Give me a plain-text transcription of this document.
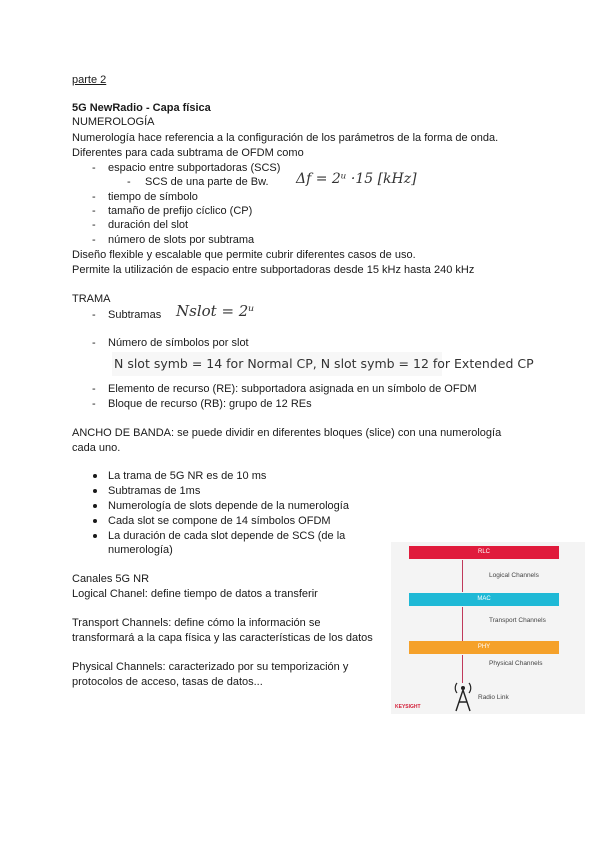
parte 2
5G NewRadio - Capa física
NUMEROLOGÍA
Numerología hace referencia a la configuración de los parámetros de la forma de onda.
Diferentes para cada subtrama de OFDM como
- espacio entre subportadoras (SCS)
- SCS de una parte de Bw. Δf = 2ᵘ ·15 [kHz]
- tiempo de símbolo
- tamaño de prefijo cíclico (CP)
- duración del slot
- número de slots por subtrama
Diseño flexible y escalable que permite cubrir diferentes casos de uso.
Permite la utilización de espacio entre subportadoras desde 15 kHz hasta 240 kHz
TRAMA
- Subtramas Nslot = 2ᵘ
- Número de símbolos por slot
N slot symb = 14 for Normal CP, N slot symb = 12 for Extended CP
- Elemento de recurso (RE): subportadora asignada en un símbolo de OFDM
- Bloque de recurso (RB): grupo de 12 REs
ANCHO DE BANDA: se puede dividir en diferentes bloques (slice) con una numerología
cada uno.
La trama de 5G NR es de 10 ms
Subtramas de 1ms
Numerología de slots depende de la numerología
Cada slot se compone de 14 símbolos OFDM
La duración de cada slot depende de SCS (de la
numerología)
Canales 5G NR
Logical Chanel: define tiempo de datos a transferir
Transport Channels: define cómo la información se
transformará a la capa física y las características de los datos
Physical Channels: caracterizado por su temporización y
protocolos de acceso, tasas de datos...
RLC
Logical Channels
MAC
Transport Channels
PHY
Physical Channels
Radio Link
KEYSIGHT
